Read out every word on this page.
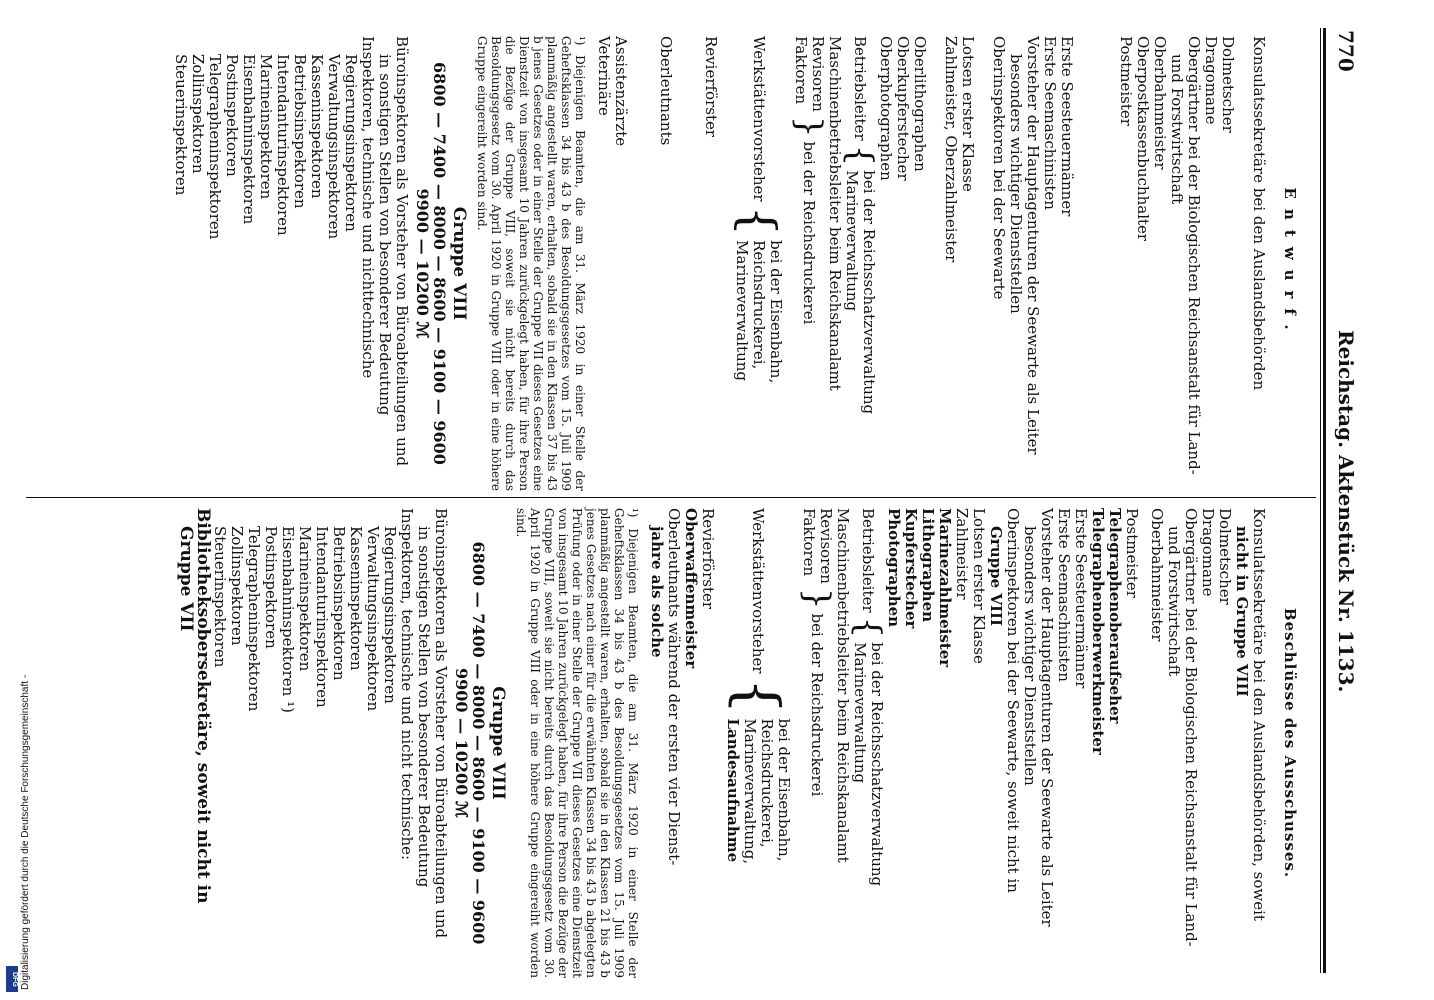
770
Reichstag. Aktenstück Nr. 1133.
Entwurf.
Konsulatssekretäre bei den Auslandsbehörden
Dolmetscher
Dragomane
Obergärtner bei der Biologischen Reichsanstalt für Land-
und Forstwirtschaft
Oberbahnmeister
Oberpostkassenbuchhalter
Postmeister
Erste Seesteuermänner
Erste Seemaschinisten
Vorsteher der Hauptagenturen der Seewarte als Leiter
besonders wichtiger Dienststellen
Oberinspektoren bei der Seewarte
Lotsen erster Klasse
Zahlmeister, Oberzahlmeister
Oberlithographen
Oberkupferstecher
Oberphotographen
Betriebsleiter
{
bei der Reichsschatzverwaltung
Marineverwaltung
Maschinenbetriebsleiter beim Reichskanalamt
Revisoren
Faktoren
}
bei der Reichsdruckerei
Werkstättenvorsteher
{
bei der Eisenbahn,
Reichsdruckerei,
Marineverwaltung
Revierförster
Oberleutnants
Assistenzärzte
Veterinäre
¹) Diejenigen Beamten, die am 31. März 1920 in einer Stelle der Geheftsklassen 34 bis 43 b des Besoldungsgesetzes vom 15. Juli 1909 planmäßig angestellt waren, erhalten, sobald sie in den Klassen 37 bis 43 b jenes Gesetzes oder in einer Stelle der Gruppe VII dieses Gesetzes eine Dienstzeit von insgesamt 10 Jahren zurückgelegt haben, für ihre Person die Bezüge der Gruppe VIII, soweit sie nicht bereits durch das Besoldungsgesetz vom 30. April 1920 in Gruppe VIII oder in eine höhere Gruppe eingereiht worden sind.
Gruppe VIII
6800 — 7400 — 8000 — 8600 — 9100 — 9600
9900 — 10200 ℳ
Büroinspektoren als Vorsteher von Büroabteilungen und
in sonstigen Stellen von besonderer Bedeutung
Inspektoren, technische und nichttechnische
Regierungsinspektoren
Verwaltungsinspektoren
Kasseninspektoren
Betriebsinspektoren
Intendanturinspektoren
Marineinspektoren
Eisenbahninspektoren
Postinspektoren
Telegrapheninspektoren
Zollinspektoren
Steuerinspektoren
Beschlüsse des Ausschusses.
Konsulatssekretäre bei den Auslandsbehörden, soweit
nicht in Gruppe VIII
Dolmetscher
Dragomane
Obergärtner bei der Biologischen Reichsanstalt für Land-
und Forstwirtschaft
Oberbahnmeister
Postmeister
Telegraphenoberaufseher
Telegraphenoberwerkmeister
Erste Seesteuermänner
Erste Seemaschinisten
Vorsteher der Hauptagenturen der Seewarte als Leiter
besonders wichtiger Dienststellen
Oberinspektoren bei der Seewarte, soweit nicht in
Gruppe VIII
Lotsen erster Klasse
Zahlmeister
Marinezahlmeister
Lithographen
Kupferstecher
Photographen
Betriebsleiter
{
bei der Reichsschatzverwaltung
Marineverwaltung
Maschinenbetriebsleiter beim Reichskanalamt
Revisoren
Faktoren
}
bei der Reichsdruckerei
Werkstättenvorsteher
{
bei der Eisenbahn,
Reichsdruckerei,
Marineverwaltung,
Landesaufnahme
Revierförster
Oberwaffenmeister
Oberleutnants während der ersten vier Dienst-
jahre als solche
¹) Diejenigen Beamten, die am 31. März 1920 in einer Stelle der Geheftsklassen 34 bis 43 b des Besoldungsgesetzes vom 15. Juli 1909 planmäßig angestellt waren, erhalten, sobald sie in den Klassen 21 bis 43 b jenes Gesetzes nach einer für die erwähnten Klassen 34 bis 43 b abgelegten Prüfung oder in einer Stelle der Gruppe VII dieses Gesetzes eine Dienstzeit von insgesamt 10 Jahren zurückgelegt haben, für ihre Person die Bezüge der Gruppe VIII, soweit sie nicht bereits durch das Besoldungsgesetz vom 30. April 1920 in Gruppe VIII oder in eine höhere Gruppe eingereiht worden sind.
Gruppe VIII
6800 — 7400 — 8000 — 8600 — 9100 — 9600
9900 — 10200 ℳ
Büroinspektoren als Vorsteher von Büroabteilungen und
in sonstigen Stellen von besonderer Bedeutung
Inspektoren, technische und nicht technische:
Regierungsinspektoren
Verwaltungsinspektoren
Kasseninspektoren
Betriebsinspektoren
Intendanturinspektoren
Marineinspektoren
Eisenbahninspektoren ¹)
Postinspektoren
Telegrapheninspektoren
Zollinspektoren
Steuerinspektoren
Bibliotheksobersekretäre, soweit nicht in
Gruppe VII
Digitalisierung gefördert durch die Deutsche Forschungsgemeinschaft -
DFG
